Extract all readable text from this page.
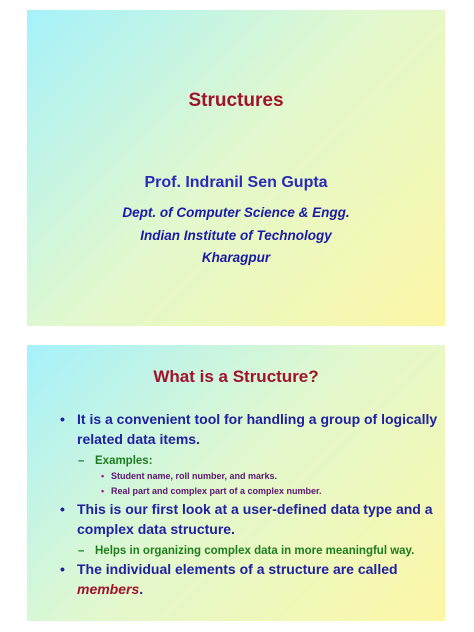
Structures

Prof. Indranil Sen Gupta

Dept. of Computer Science & Engg.

Indian Institute of Technology

Kharagpur

What is a Structure?
• It is a convenient tool for handling a group of logically related data items.
– Examples:
• Student name, roll number, and marks.
• Real part and complex part of a complex number.
• This is our first look at a user-defined data type and a complex data structure.
– Helps in organizing complex data in more meaningful way.
• The individual elements of a structure are called members.
